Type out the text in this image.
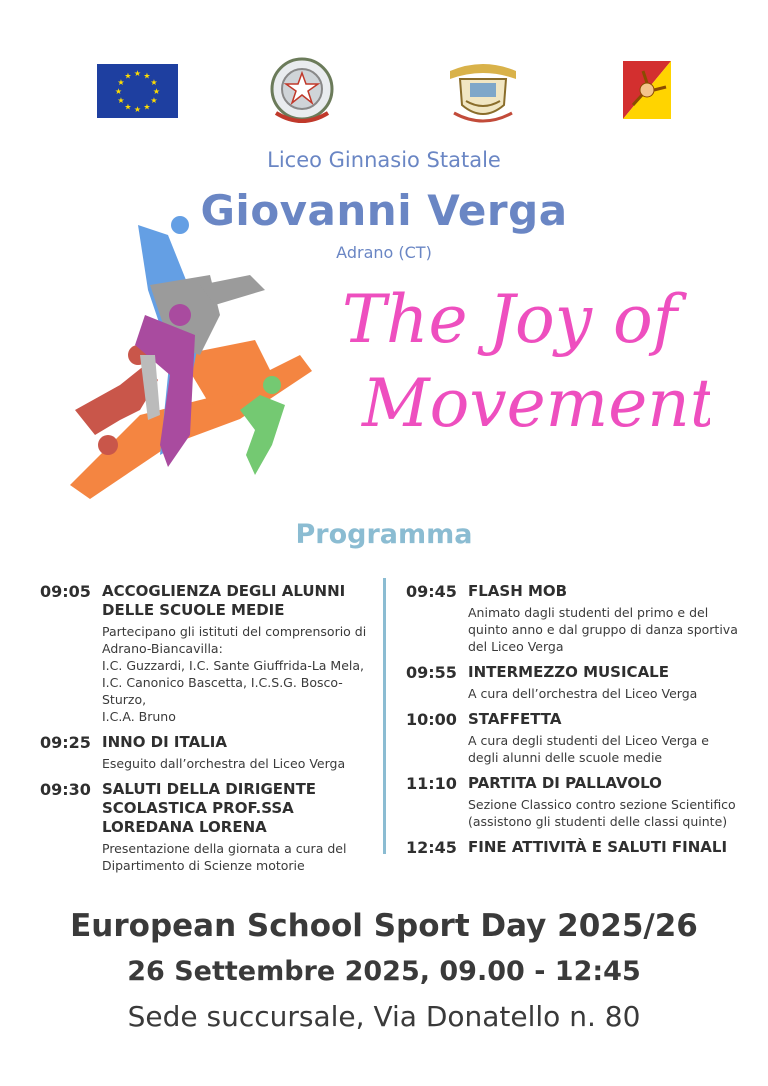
★ ★
★
★
★
★
★
★
★
★
★
★
Liceo Ginnasio Statale
Giovanni Verga
Adrano (CT)
The Joy of
Movement
Programma
09:05 ACCOGLIENZA DEGLI ALUNNI DELLE SCUOLE MEDIE
Partecipano gli istituti del comprensorio di Adrano-Biancavilla:
I.C. Guzzardi, I.C. Sante Giuffrida-La Mela,
I.C. Canonico Bascetta, I.C.S.G. Bosco-Sturzo,
I.C.A. Bruno
09:25 INNO DI ITALIA
Eseguito dall’orchestra del Liceo Verga
09:30 SALUTI DELLA DIRIGENTE SCOLASTICA PROF.SSA LOREDANA LORENA
Presentazione della giornata a cura del Dipartimento di Scienze motorie
09:45 FLASH MOB
Animato dagli studenti del primo e del quinto anno e dal gruppo di danza sportiva del Liceo Verga
09:55 INTERMEZZO MUSICALE
A cura dell’orchestra del Liceo Verga
10:00 STAFFETTA
A cura degli studenti del Liceo Verga e degli alunni delle scuole medie
11:10 PARTITA DI PALLAVOLO
Sezione Classico contro sezione Scientifico
(assistono gli studenti delle classi quinte)
12:45 FINE ATTIVITÀ E SALUTI FINALI
European School Sport Day 2025/26
26 Settembre 2025, 09.00 - 12:45
Sede succursale, Via Donatello n. 80
